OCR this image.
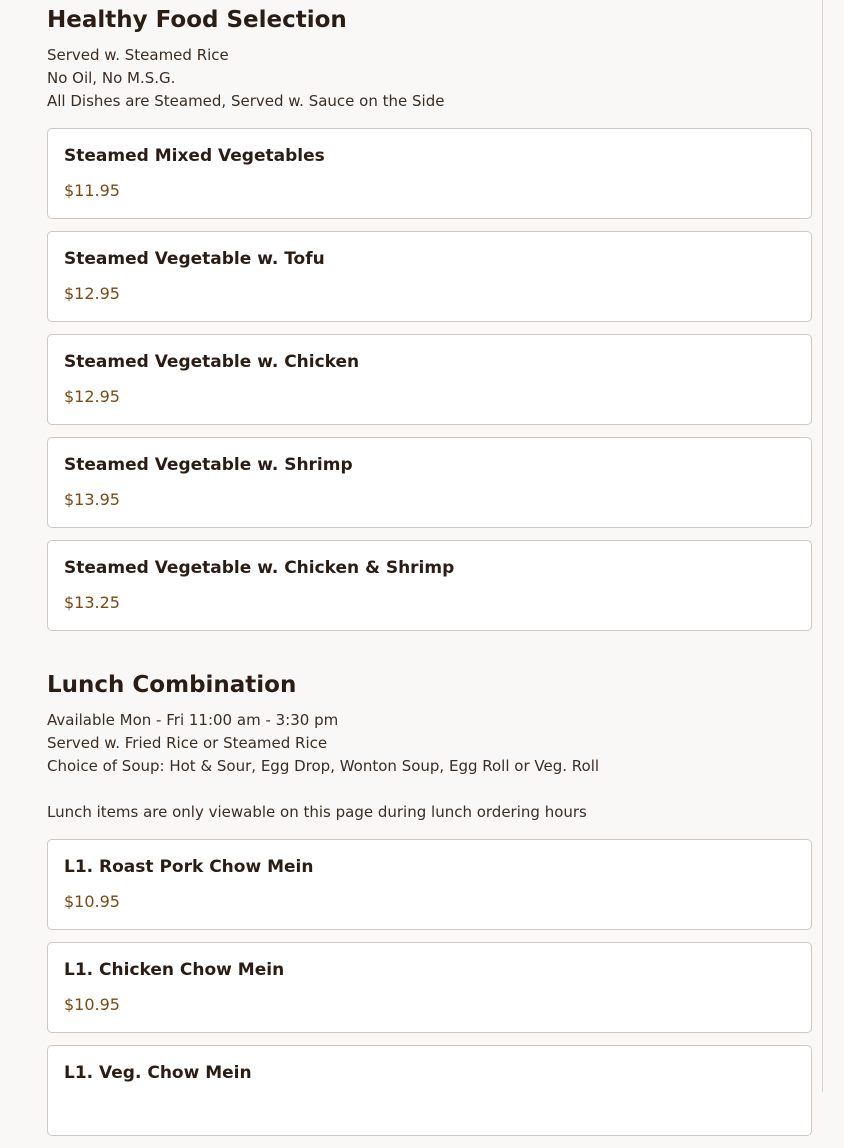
Healthy Food Selection
Served w. Steamed Rice
No Oil, No M.S.G.
All Dishes are Steamed, Served w. Sauce on the Side
Steamed Mixed Vegetables
$11.95
Steamed Vegetable w. Tofu
$12.95
Steamed Vegetable w. Chicken
$12.95
Steamed Vegetable w. Shrimp
$13.95
Steamed Vegetable w. Chicken & Shrimp
$13.25
Lunch Combination
Available Mon - Fri 11:00 am - 3:30 pm
Served w. Fried Rice or Steamed Rice
Choice of Soup: Hot & Sour, Egg Drop, Wonton Soup, Egg Roll or Veg. Roll
Lunch items are only viewable on this page during lunch ordering hours
L1. Roast Pork Chow Mein
$10.95
L1. Chicken Chow Mein
$10.95
L1. Veg. Chow Mein
